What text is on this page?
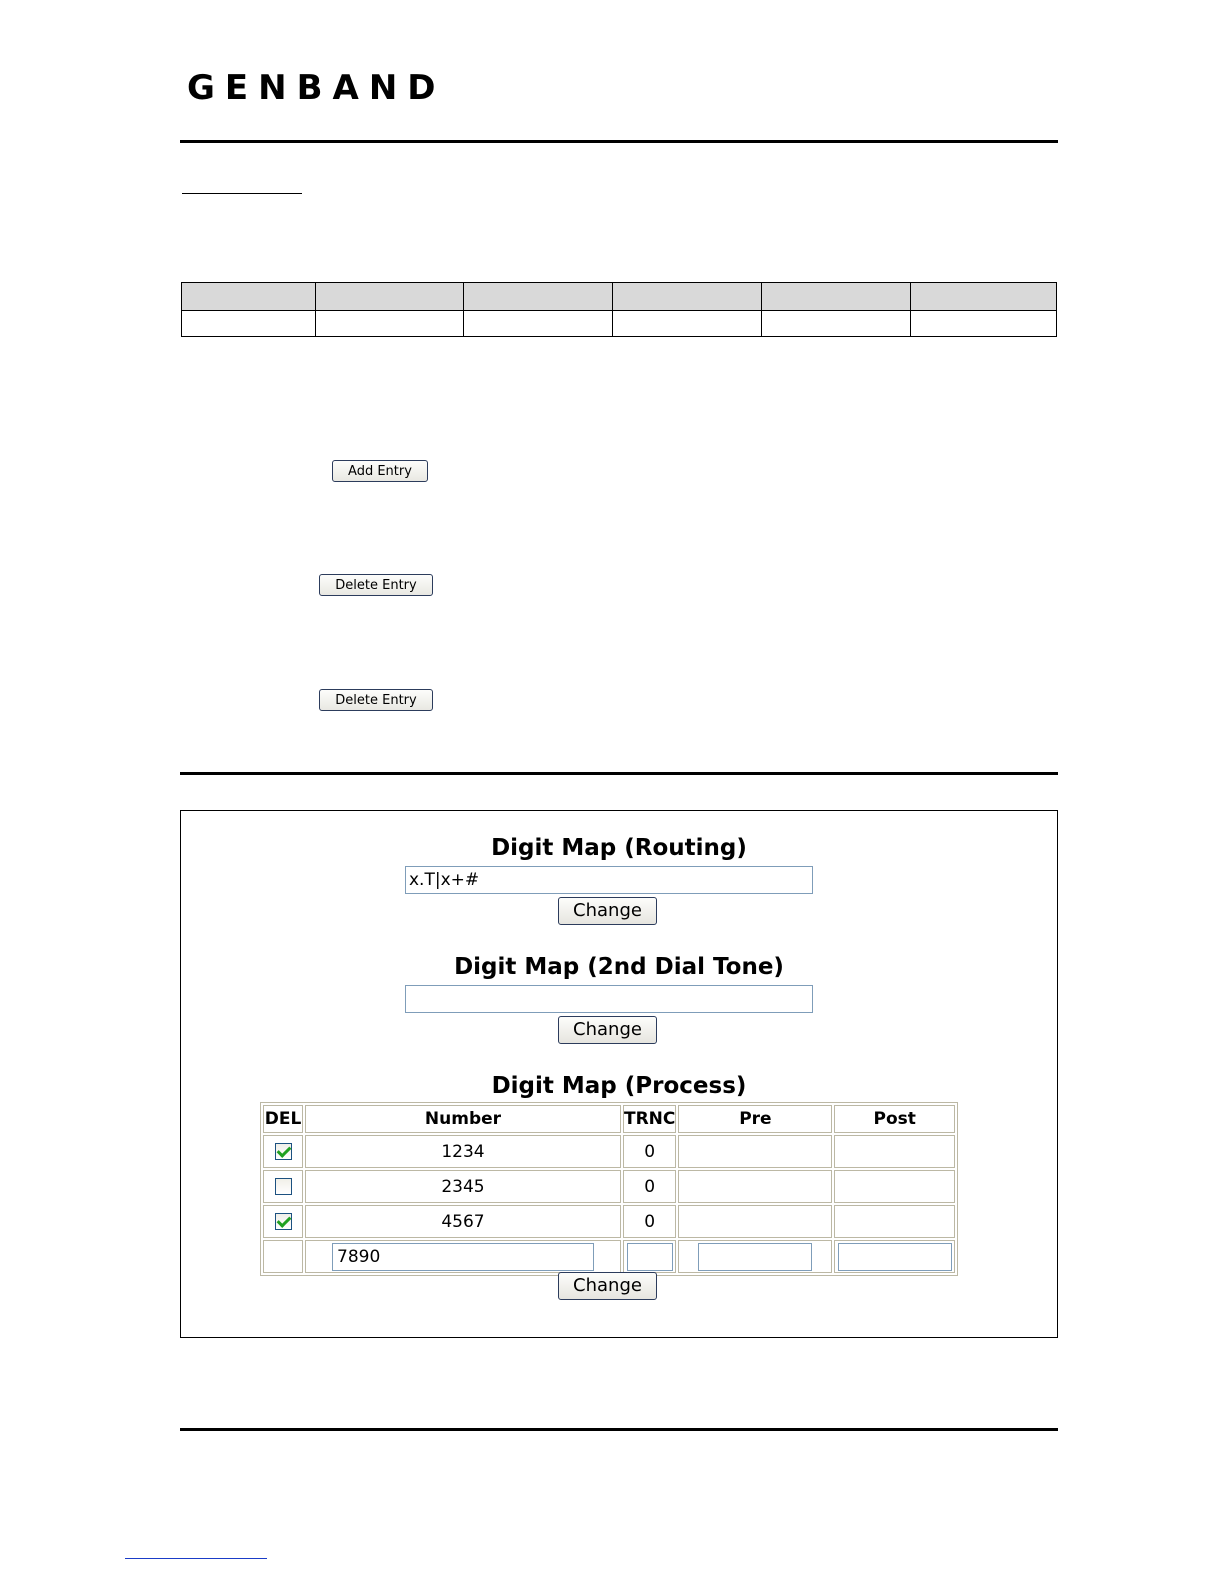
GENBAND

Add Entry
Delete Entry
Delete Entry
Digit Map (Routing)
x.T|x+#
Change
Digit Map (2nd Dial Tone)
Change
Digit Map (Process)
DEL	Number	TRNC	Pre	Post
	1234	0		
	2345	0		
	4567	0		
	7890			
Change
